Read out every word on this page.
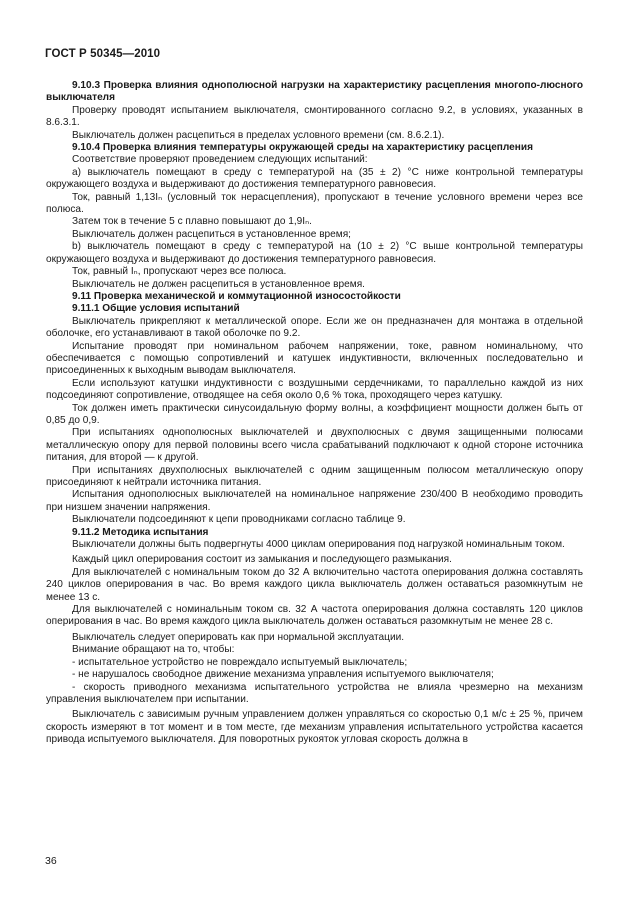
ГОСТ Р 50345—2010

9.10.3 Проверка влияния однополюсной нагрузки на характеристику расцепления многопо-люсного выключателя

Проверку проводят испытанием выключателя, смонтированного согласно 9.2, в условиях, указанных в 8.6.3.1.

Выключатель должен расцепиться в пределах условного времени (см. 8.6.2.1).

9.10.4 Проверка влияния температуры окружающей среды на характеристику расцепления

Соответствие проверяют проведением следующих испытаний:

а) выключатель помещают в среду с температурой на (35 ± 2) °С ниже контрольной температуры окружающего воздуха и выдерживают до достижения температурного равновесия.

Ток, равный 1,13Iₙ (условный ток нерасцепления), пропускают в течение условного времени через все полюса.

Затем ток в течение 5 с плавно повышают до 1,9Iₙ.

Выключатель должен расцепиться в установленное время;

b) выключатель помещают в среду с температурой на (10 ± 2) °С выше контрольной температуры окружающего воздуха и выдерживают до достижения температурного равновесия.

Ток, равный Iₙ, пропускают через все полюса.

Выключатель не должен расцепиться в установленное время.

9.11 Проверка механической и коммутационной износостойкости

9.11.1 Общие условия испытаний

Выключатель прикрепляют к металлической опоре. Если же он предназначен для монтажа в отдельной оболочке, его устанавливают в такой оболочке по 9.2.

Испытание проводят при номинальном рабочем напряжении, токе, равном номинальному, что обеспечивается с помощью сопротивлений и катушек индуктивности, включенных последовательно и присоединенных к выходным выводам выключателя.

Если используют катушки индуктивности с воздушными сердечниками, то параллельно каждой из них подсоединяют сопротивление, отводящее на себя около 0,6 % тока, проходящего через катушку.

Ток должен иметь практически синусоидальную форму волны, а коэффициент мощности должен быть от 0,85 до 0,9.

При испытаниях однополюсных выключателей и двухполюсных с двумя защищенными полюсами металлическую опору для первой половины всего числа срабатываний подключают к одной стороне источника питания, для второй — к другой.

При испытаниях двухполюсных выключателей с одним защищенным полюсом металлическую опору присоединяют к нейтрали источника питания.

Испытания однополюсных выключателей на номинальное напряжение 230/400 В необходимо проводить при низшем значении напряжения.

Выключатели подсоединяют к цепи проводниками согласно таблице 9.

9.11.2 Методика испытания

Выключатели должны быть подвергнуты 4000 циклам оперирования под нагрузкой номинальным током.

Каждый цикл оперирования состоит из замыкания и последующего размыкания.

Для выключателей с номинальным током до 32 А включительно частота оперирования должна составлять 240 циклов оперирования в час. Во время каждого цикла выключатель должен оставаться разомкнутым не менее 13 с.

Для выключателей с номинальным током св. 32 А частота оперирования должна составлять 120 циклов оперирования в час. Во время каждого цикла выключатель должен оставаться разомкнутым не менее 28 с.

Выключатель следует оперировать как при нормальной эксплуатации.

Внимание обращают на то, чтобы:

- испытательное устройство не повреждало испытуемый выключатель;

- не нарушалось свободное движение механизма управления испытуемого выключателя;

- скорость приводного механизма испытательного устройства не влияла чрезмерно на механизм управления выключателем при испытании.

Выключатель с зависимым ручным управлением должен управляться со скоростью 0,1 м/с ± 25 %, причем скорость измеряют в тот момент и в том месте, где механизм управления испытательного устройства касается привода испытуемого выключателя. Для поворотных рукояток угловая скорость должна в

36
